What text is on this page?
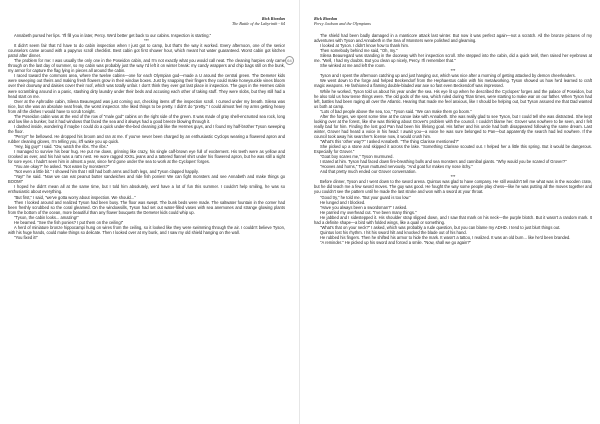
Rick Riordan
The Battle of the Labyrinth - 64

Annabeth pursed her lips. 'I'll fill you in later, Percy. We'd better get back to our cabins. Inspection is starting."

***

It didn't seem fair that I'd have to do cabin inspection when I just got to camp, but that's the way it worked. Every afternoon, one of the senior counselors came around with a papyrus scroll checklist. Best cabin got first shower hour, which meant hot water guaranteed. Worst cabin got kitchen patrol after dinner.

The problem for me: I was usually the only one in the Poseidon cabin, and I'm not exactly what you would call neat. The cleaning harpies only came through on the last day of summer, so my cabin was probably just the way I'd left it on winter break: my candy wrappers and chip bags still on the bunk, my armor for capture the flag lying in pieces all around the cabin.

I raced toward the commons area, where the twelve cabins—one for each Olympian god—made a U around the central green. The Demeter kids were sweeping out theirs and making fresh flowers grow in their window boxes. Just by snapping their fingers they could make honeysuckle vines bloom over their doorway and daisies cover their roof, which was totally unfair. I don't think they ever got last place in inspection. The guys in the Hermes cabin were scrambling around in a panic, stashing dirty laundry under their beds and accusing each other of taking stuff. They were slobs, but they still had a head start on me.

Over at the Aphrodite cabin, Silena Beauregard was just coming out, checking items off the inspection scroll. I cursed under my breath. Silena was nice, but she was an absolute neat freak, the worst inspector. She liked things to be pretty. I didn't do "pretty." I could almost feel my arms getting heavy from all the dishes I would have to scrub tonight.

The Poseidon cabin was at the end of the row of "male god" cabins on the right side of the green. It was made of gray shell-encrusted sea rock, long and low like a bunker, but it had windows that faced the sea and it always had a good breeze blowing through it.

I dashed inside, wondering if maybe I could do a quick under-the-bed cleaning job like the Hermes guys, and I found my half-brother Tyson sweeping the floor.

"Percy!" he bellowed. He dropped his broom and ran at me. If you've never been charged by an enthusiastic Cyclops wearing a flowered apron and rubber cleaning gloves, I'm telling you, it'll wake you up quick.

"Hey, big guy!" I said. "Ow, watch the ribs. The ribs."

I managed to survive his bear hug. He put me down, grinning like crazy, his single calf-brown eye full of excitement. His teeth were as yellow and crooked as ever, and his hair was a rat's nest. He wore ragged XXXL jeans and a tattered flannel shirt under his flowered apron, but he was still a sight for sore eyes. I hadn't seen him in almost a year, since he'd gone under the sea to work at the Cyclopes' forges.

"You are okay?" he asked. "Not eaten by monsters?"

"Not even a little bit." I showed him that I still had both arms and both legs, and Tyson clapped happily.

"Yay!" he said. "Now we can eat peanut butter sandwiches and ride fish ponies! We can fight monsters and see Annabeth and make things go BOOM!"

I hoped he didn't mean all at the same time, but I told him absolutely, we'd have a lot of fun this summer. I couldn't help smiling, he was so enthusiastic about everything.

"But first," I said, "we've gotta worry about inspection. We should..."

Then I looked around and realized Tyson had been busy. The floor was swept. The bunk beds were made. The saltwater fountain in the corner had been freshly scrubbed so the coral gleamed. On the windowsills, Tyson had set out water-filled vases with sea anemones and strange glowing plants from the bottom of the ocean, more beautiful than any flower bouquets the Demeter kids could whip up.

"Tyson, the cabin looks... amazing!"

He beamed. "See the fish ponies? I put them on the ceiling!"

A herd of miniature bronze hippocampi hung on wires from the ceiling, so it looked like they were swimming through the air. I couldn't believe Tyson, with his huge hands, could make things so delicate. Then I looked over at my bunk, and I saw my old shield hanging on the wall.

"You fixed it!"

64
Rick Riordan
Percy Jackson and the Olympians

The shield had been badly damaged in a manticore attack last winter. But now it was perfect again—not a scratch. All the bronze pictures of my adventures with Tyson and Annabeth in the Sea of Monsters were polished and gleaming.

I looked at Tyson. I didn't know how to thank him.

Then somebody behind me said, "Oh, my."

Silena Beauregard was standing in the doorway with her inspection scroll. She stepped into the cabin, did a quick twirl, then raised her eyebrows at me. "Well, I had my doubts. But you clean up nicely, Percy. I'll remember that."

She winked at me and left the room.

***

Tyson and I spent the afternoon catching up and just hanging out, which was nice after a morning of getting attacked by demon cheerleaders.

We went down to the forge and helped Beckendorf from the Hephaestus cabin with his metalworking. Tyson showed us how he'd learned to craft magic weapons. He fashioned a flaming double-bladed war axe so fast even Beckendorf was impressed.

While he worked, Tyson told us about his year under the sea. His eye lit up when he described the Cyclopes' forges and the palace of Poseidon, but he also told us how tense things were. The old gods of the sea, which ruled during Titan times, were starting to make war on our father. When Tyson had left, battles had been raging all over the Atlantic. Hearing that made me feel anxious, like I should be helping out, but Tyson assured me that Dad wanted us both at camp.

"Lots of bad people above the sea, too," Tyson said. "We can make them go boom."

After the forges, we spent some time at the canoe lake with Annabeth. She was really glad to see Tyson, but I could tell she was distracted. She kept looking over at the forest, like she was thinking about Grover's problem with the council. I couldn't blame her. Grover was nowhere to be seen, and I felt really bad for him. Finding the lost god Pan had been his lifelong goal. His father and his uncle had both disappeared following the same dream. Last winter, Grover had heard a voice in his head: I await you—a voice he was sure belonged to Pan—but apparently the search had led nowhere. If the council took away his searcher's license now, it would crush him.

"What's this 'other way'?" I asked Annabeth. "The thing Clarisse mentioned?"

She picked up a stone and skipped it across the lake. "Something Clarisse scouted out. I helped her a little this spring. But it would be dangerous. Especially for Grover."

"Goat boy scares me," Tyson murmured.

I stared at him. Tyson had faced down fire-breathing bulls and sea monsters and cannibal giants. "Why would you be scared of Grover?"

"Hooves and horns," Tyson muttured nervously. "And goat fur makes my nose itchy."

And that pretty much ended our Grover conversation.

***

Before dinner, Tyson and I went down to the sword arena. Quintus was glad to have company. He still wouldn't tell me what was in the wooden crate, but he did teach me a few sword moves. The guy was good. He fought the way some people play chess—like he was putting all the moves together and you couldn't see the pattern until he made the last stroke and won with a sword at your throat.

"Good try," he told me. "But your guard is too low."

He lunged and I blocked.

"Have you always been a swordsman?" I asked.

He parried my overhead cut. "I've been many things."

He jabbed and I sidestepped it. His shoulder strap slipped down, and I saw that mark on his neck—the purple blotch. But it wasn't a random mark. It had a definite shape—a bird with folded wings, like a quail or something.

"What's that on your neck?" I asked, which was probably a rude question, but you can blame my ADHD. I tend to just blurt things out.

Quintus lost his rhythm. I hit his sword hilt and knocked the blade out of his hand.

He rubbed his fingers. Then he shifted his armor to hide the mark. It wasn't a tattoo, I realized. It was an old burn... like he'd been branded.

"A reminder." He picked up his sword and forced a smile. "Now, shall we go again?"
